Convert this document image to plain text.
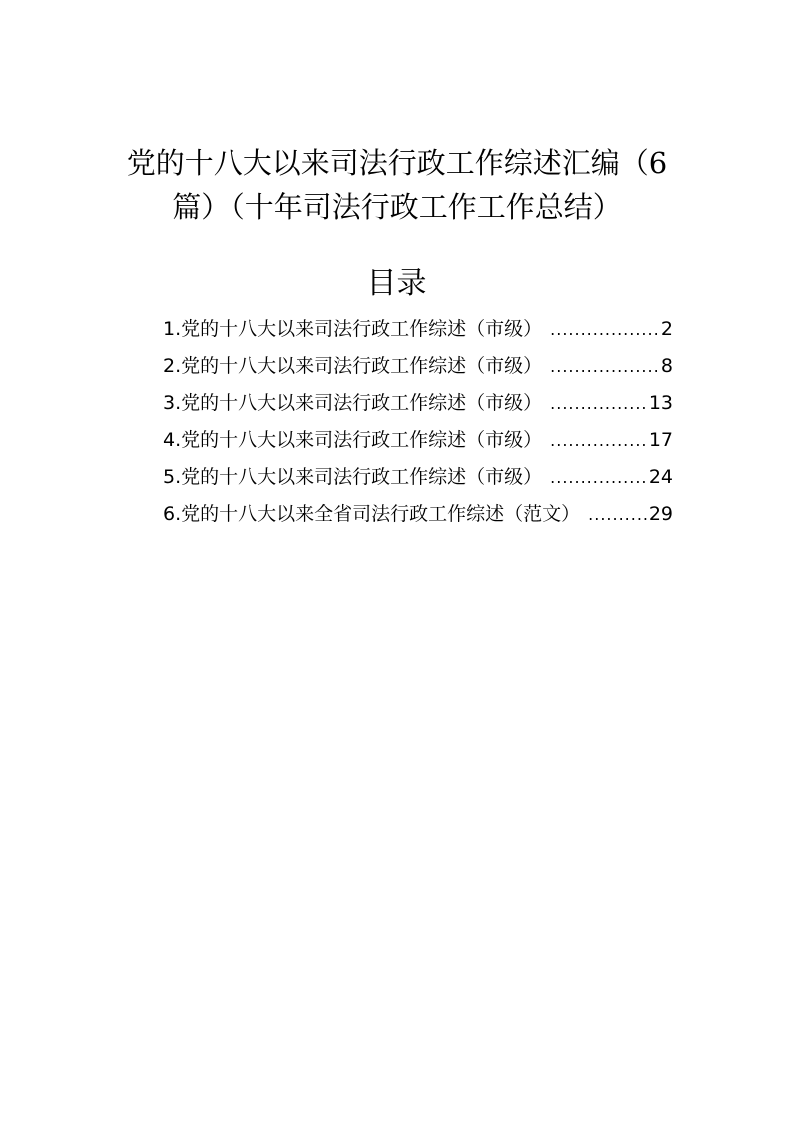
党的十八大以来司法行政工作综述汇编（6
篇）（十年司法行政工作工作总结）
目录
1.党的十八大以来司法行政工作综述（市级） .....	2
2.党的十八大以来司法行政工作综述（市级） .....	8
3.党的十八大以来司法行政工作综述（市级） .....	13
4.党的十八大以来司法行政工作综述（市级） .....	17
5.党的十八大以来司法行政工作综述（市级） .....	24
6.党的十八大以来全省司法行政工作综述（范文） .....	29
